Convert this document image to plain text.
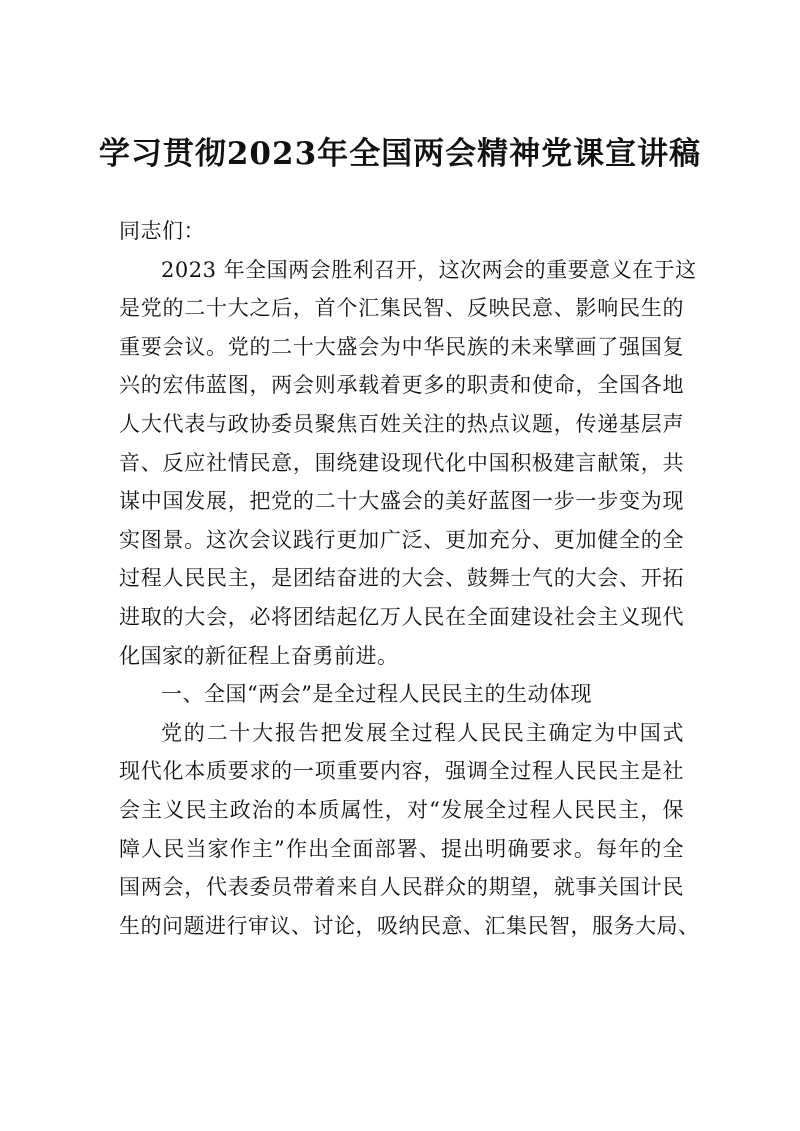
学习贯彻2023年全国两会精神党课宣讲稿
同志们：
2023 年全国两会胜利召开，这次两会的重要意义在于这
是党的二十大之后，首个汇集民智、反映民意、影响民生的
重要会议。党的二十大盛会为中华民族的未来擘画了强国复
兴的宏伟蓝图，两会则承载着更多的职责和使命，全国各地
人大代表与政协委员聚焦百姓关注的热点议题，传递基层声
音、反应社情民意，围绕建设现代化中国积极建言献策，共
谋中国发展，把党的二十大盛会的美好蓝图一步一步变为现
实图景。这次会议践行更加广泛、更加充分、更加健全的全
过程人民民主，是团结奋进的大会、鼓舞士气的大会、开拓
进取的大会，必将团结起亿万人民在全面建设社会主义现代
化国家的新征程上奋勇前进。
一、全国“两会”是全过程人民民主的生动体现
党的二十大报告把发展全过程人民民主确定为中国式
现代化本质要求的一项重要内容，强调全过程人民民主是社
会主义民主政治的本质属性，对“发展全过程人民民主，保
障人民当家作主”作出全面部署、提出明确要求。每年的全
国两会，代表委员带着来自人民群众的期望，就事关国计民
生的问题进行审议、讨论，吸纳民意、汇集民智，服务大局、
